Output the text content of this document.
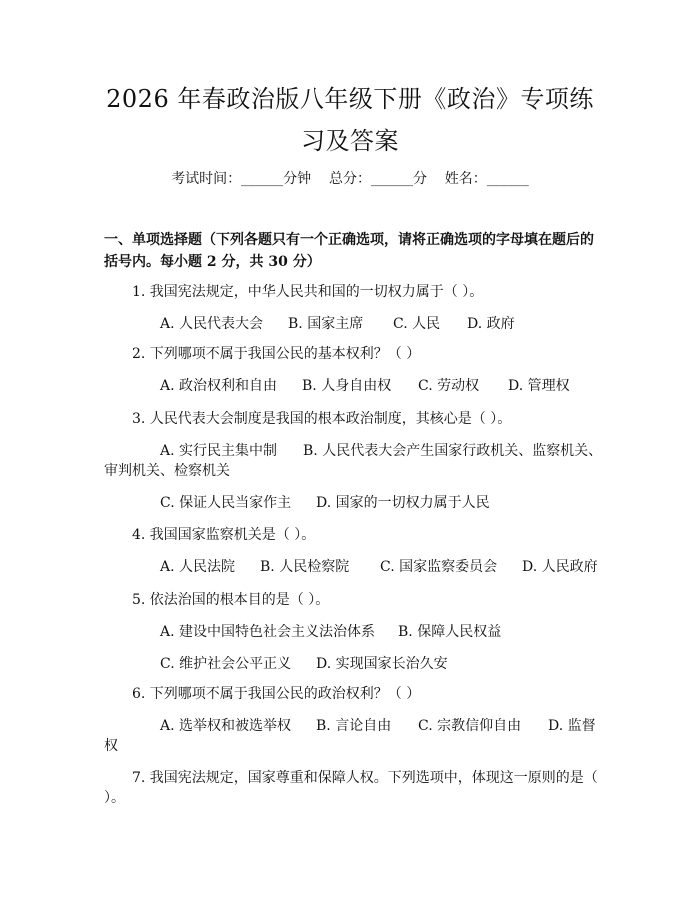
2026 年春政治版八年级下册《政治》专项练习及答案
考试时间：______分钟    总分：______分    姓名：______
一、单项选择题（下列各题只有一个正确选项，请将正确选项的字母填在题后的括号内。每小题 2 分，共 30 分）
1. 我国宪法规定，中华人民共和国的一切权力属于（ ）。
A. 人民代表大会 B. 国家主席 C. 人民 D. 政府
2. 下列哪项不属于我国公民的基本权利？（ ）
A. 政治权利和自由 B. 人身自由权 C. 劳动权 D. 管理权
3. 人民代表大会制度是我国的根本政治制度，其核心是（ ）。
A. 实行民主集中制	B. 人民代表大会产生国家行政机关、监察机关、审判机关、检察机关
C. 保证人民当家作主 D. 国家的一切权力属于人民
4. 我国国家监察机关是（ ）。
A. 人民法院 B. 人民检察院 C. 国家监察委员会 D. 人民政府
5. 依法治国的根本目的是（ ）。
A. 建设中国特色社会主义法治体系 B. 保障人民权益
C. 维护社会公平正义 D. 实现国家长治久安
6. 下列哪项不属于我国公民的政治权利？（ ）
A. 选举权和被选举权 B. 言论自由 C. 宗教信仰自由	D. 监督权
7. 我国宪法规定，国家尊重和保障人权。下列选项中，体现这一原则的是（ ）。
